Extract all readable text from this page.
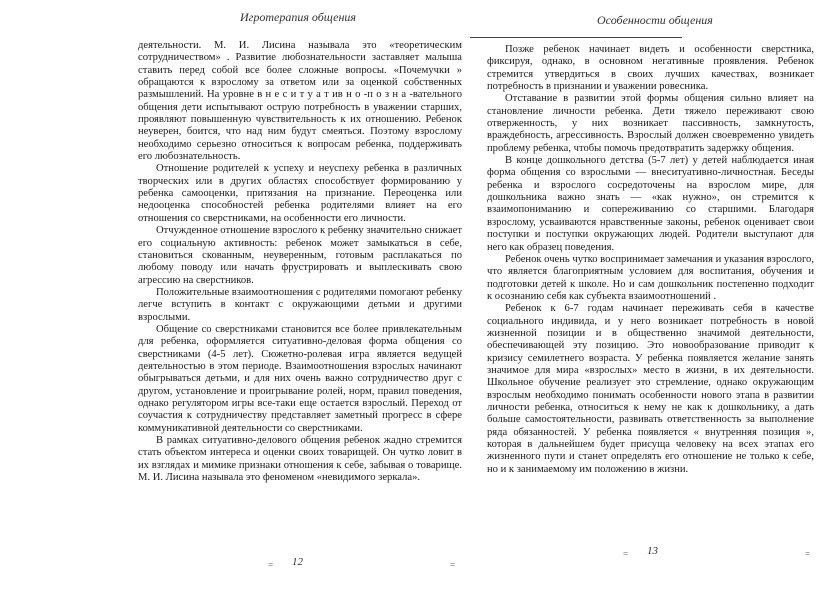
Игротерапия общения

деятельности. М. И. Лисина называла это «теоретическим сотрудничеством» . Развитие любознательности заставляет малыша ставить перед собой все более сложные вопросы. «Почемучки » обращаются к взрослому за ответом или за оценкой собственных размышлений. На уровне в н е с и т у а т ив н о -п о з н а -вательного общения дети испытывают острую потребность в уважении старших, проявляют повышенную чувствительность к их отношению. Ребенок неуверен, боится, что над ним будут смеяться. Поэтому взрослому необходимо серьезно относиться к вопросам ребенка, поддерживать его любознательность.

Отношение родителей к успеху и неуспеху ребенка в различных творческих или в других областях способствует формированию у ребенка самооценки, притязания на признание. Переоценка или недооценка способностей ребенка родителями влияет на его отношения со сверстниками, на особенности его личности.

Отчужденное отношение взрослого к ребенку значительно снижает его социальную активность: ребенок может замыкаться в себе, становиться скованным, неуверенным, готовым расплакаться по любому поводу или начать фрустрировать и выплескивать свою агрессию на сверстников.

Положительные взаимоотношения с родителями помогают ребенку легче вступить в контакт с окружающими детьми и другими взрослыми.

Общение со сверстниками становится все более привлекательным для ребенка, оформляется ситуативно-деловая форма общения со сверстниками (4-5 лет). Сюжетно-ролевая игра является ведущей деятельностью в этом периоде. Взаимоотношения взрослых начинают обыгрываться детьми, и для них очень важно сотрудничество друг с другом, установление и проигрывание ролей, норм, правил поведения, однако регулятором игры все-таки еще остается взрослый. Переход от соучастия к сотрудничеству представляет заметный прогресс в сфере коммуникативной деятельности со сверстниками.

В рамках ситуативно-делового общения ребенок жадно стремится стать объектом интереса и оценки своих товарищей. Он чутко ловит в их взглядах и мимике признаки отношения к себе, забывая о товарище. М. И. Лисина называла это феноменом «невидимого зеркала».

= 12	=
Особенности общения

Позже ребенок начинает видеть и особенности сверстника, фиксируя, однако, в основном негативные проявления. Ребенок стремится утвердиться в своих лучших качествах, возникает потребность в признании и уважении ровесника.

Отставание в развитии этой формы общения сильно влияет на становление личности ребенка. Дети тяжело переживают свою отверженность, у них возникает пассивность, замкнутость, враждебность, агрессивность. Взрослый должен своевременно увидеть проблему ребенка, чтобы помочь предотвратить задержку общения.

В конце дошкольного детства (5-7 лет) у детей наблюдается иная форма общения со взрослыми — внеситуативно-личностная. Беседы ребенка и взрослого сосредоточены на взрослом мире, для дошкольника важно знать — «как нужно», он стремится к взаимопониманию и сопереживанию со старшими. Благодаря взрослому, усваиваются нравственные законы, ребенок оценивает свои поступки и поступки окружающих людей. Родители выступают для него как образец поведения.

Ребенок очень чутко воспринимает замечания и указания взрослого, что является благоприятным условием для воспитания, обучения и подготовки детей к школе. Но и сам дошкольник постепенно подходит к осознанию себя как субъекта взаимоотношений .

Ребенок к 6-7 годам начинает переживать себя в качестве социального индивида, и у него возникает потребность в новой жизненной позиции и в общественно значимой деятельности, обеспечивающей эту позицию. Это новообразование приводит к кризису семилетнего возраста. У ребенка появляется желание занять значимое для мира «взрослых» место в жизни, в их деятельности. Школьное обучение реализует это стремление, однако окружающим взрослым необходимо понимать особенности нового этапа в развитии личности ребенка, относиться к нему не как к дошкольнику, а дать больше самостоятельности, развивать ответственность за выполнение ряда обязанностей. У ребенка появляется « внутренняя позиция », которая в дальнейшем будет присуща человеку на всех этапах его жизненного пути и станет определять его отношение не только к себе, но и к занимаемому им положению в жизни.

= 13	=
